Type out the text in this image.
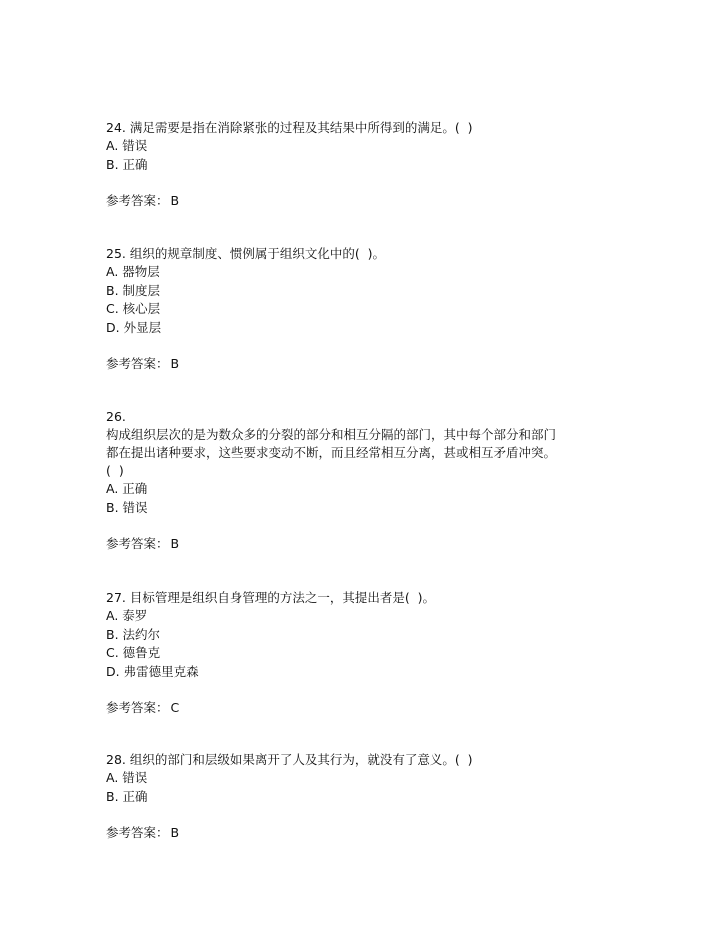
24. 满足需要是指在消除紧张的过程及其结果中所得到的满足。(  )
A. 错误
B. 正确
参考答案： B
25. 组织的规章制度、惯例属于组织文化中的(  )。
A. 器物层
B. 制度层
C. 核心层
D. 外显层
参考答案： B
26.
构成组织层次的是为数众多的分裂的部分和相互分隔的部门，其中每个部分和部门
都在提出诸种要求，这些要求变动不断，而且经常相互分离，甚或相互矛盾冲突。
(  )
A. 正确
B. 错误
参考答案： B
27. 目标管理是组织自身管理的方法之一，其提出者是(  )。
A. 泰罗
B. 法约尔
C. 德鲁克
D. 弗雷德里克森
参考答案： C
28. 组织的部门和层级如果离开了人及其行为，就没有了意义。(  )
A. 错误
B. 正确
参考答案： B
